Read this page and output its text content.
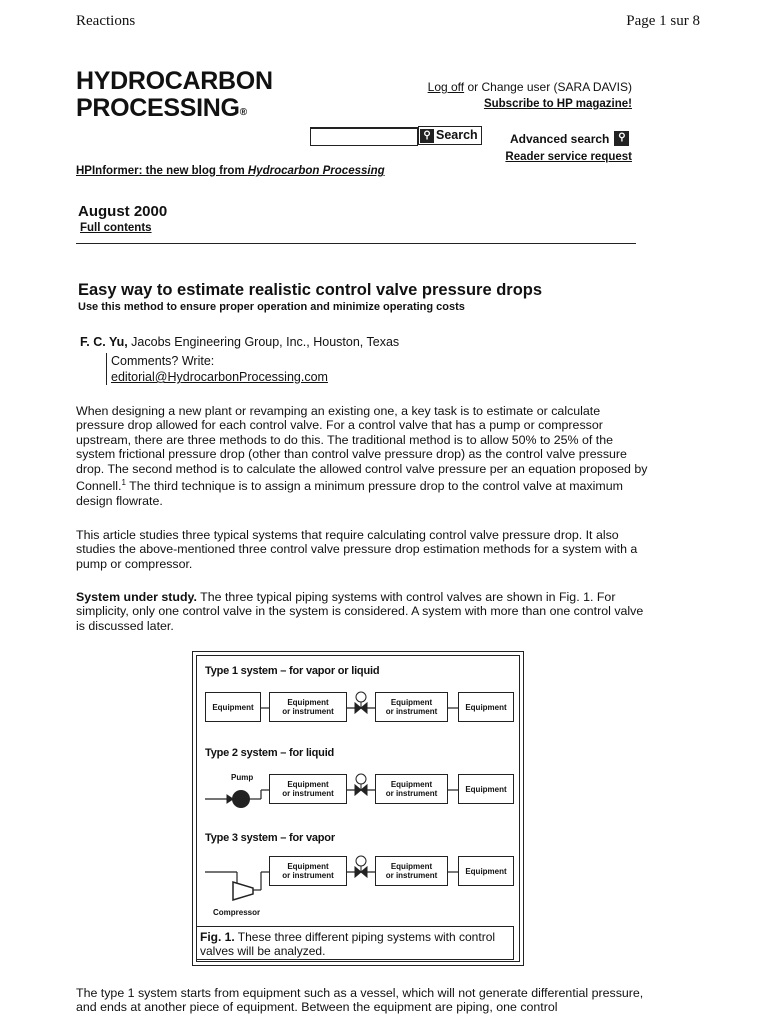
Reactions	Page 1 sur 8
HYDROCARBON
PROCESSING®
Log off or Change user (SARA DAVIS)
Subscribe to HP magazine!
⚲ Search	Advanced search ⚲
Reader service request
HPInformer: the new blog from Hydrocarbon Processing
August 2000
Full contents
Easy way to estimate realistic control valve pressure drops
Use this method to ensure proper operation and minimize operating costs
F. C. Yu, Jacobs Engineering Group, Inc., Houston, Texas
Comments? Write:
editorial@HydrocarbonProcessing.com
When designing a new plant or revamping an existing one, a key task is to estimate or calculate pressure drop allowed for each control valve. For a control valve that has a pump or compressor upstream, there are three methods to do this. The traditional method is to allow 50% to 25% of the system frictional pressure drop (other than control valve pressure drop) as the control valve pressure drop. The second method is to calculate the allowed control valve pressure per an equation proposed by Connell.$^1$ The third technique is to assign a minimum pressure drop to the control valve at maximum design flowrate.
This article studies three typical systems that require calculating control valve pressure drop. It also studies the above-mentioned three control valve pressure drop estimation methods for a system with a pump or compressor.
System under study. The three typical piping systems with control valves are shown in Fig. 1. For simplicity, only one control valve in the system is considered. A system with more than one control valve is discussed later.
Type 1 system – for vapor or liquid
Equipment	Equipment
or instrument
Equipment
or instrument	Equipment
Type 2 system – for liquid
Pump
Equipment
or instrument
Equipment
or instrument	Equipment
Type 3 system – for vapor
Equipment
or instrument
Equipment
or instrument	Equipment
Compressor
Fig. 1. These three different piping systems with control valves will be analyzed.
The type 1 system starts from equipment such as a vessel, which will not generate differential pressure, and ends at another piece of equipment. Between the equipment are piping, one control
